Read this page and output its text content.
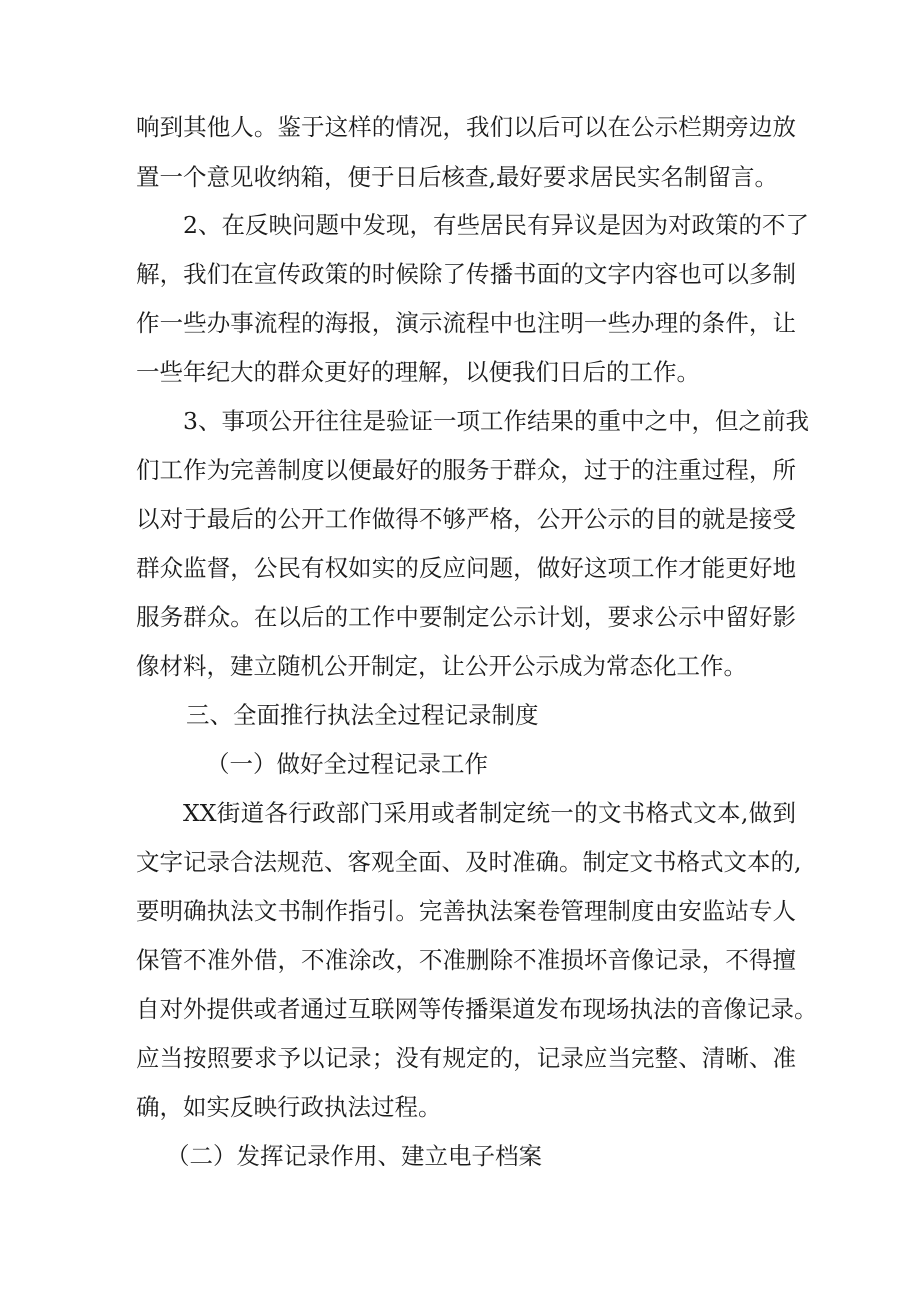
响到其他人。鉴于这样的情况，我们以后可以在公示栏期旁边放
置一个意见收纳箱，便于日后核查,最好要求居民实名制留言。
2、在反映问题中发现，有些居民有异议是因为对政策的不了
解，我们在宣传政策的时候除了传播书面的文字内容也可以多制
作一些办事流程的海报，演示流程中也注明一些办理的条件，让
一些年纪大的群众更好的理解，以便我们日后的工作。
3、事项公开往往是验证一项工作结果的重中之中，但之前我
们工作为完善制度以便最好的服务于群众，过于的注重过程，所
以对于最后的公开工作做得不够严格，公开公示的目的就是接受
群众监督，公民有权如实的反应问题，做好这项工作才能更好地
服务群众。在以后的工作中要制定公示计划，要求公示中留好影
像材料，建立随机公开制定，让公开公示成为常态化工作。
三、全面推行执法全过程记录制度
（一）做好全过程记录工作
XX街道各行政部门采用或者制定统一的文书格式文本,做到
文字记录合法规范、客观全面、及时准确。制定文书格式文本的,
要明确执法文书制作指引。完善执法案卷管理制度由安监站专人
保管不准外借，不准涂改，不准删除不准损坏音像记录，不得擅
自对外提供或者通过互联网等传播渠道发布现场执法的音像记录。
应当按照要求予以记录；没有规定的，记录应当完整、清晰、准
确，如实反映行政执法过程。
（二）发挥记录作用、建立电子档案
